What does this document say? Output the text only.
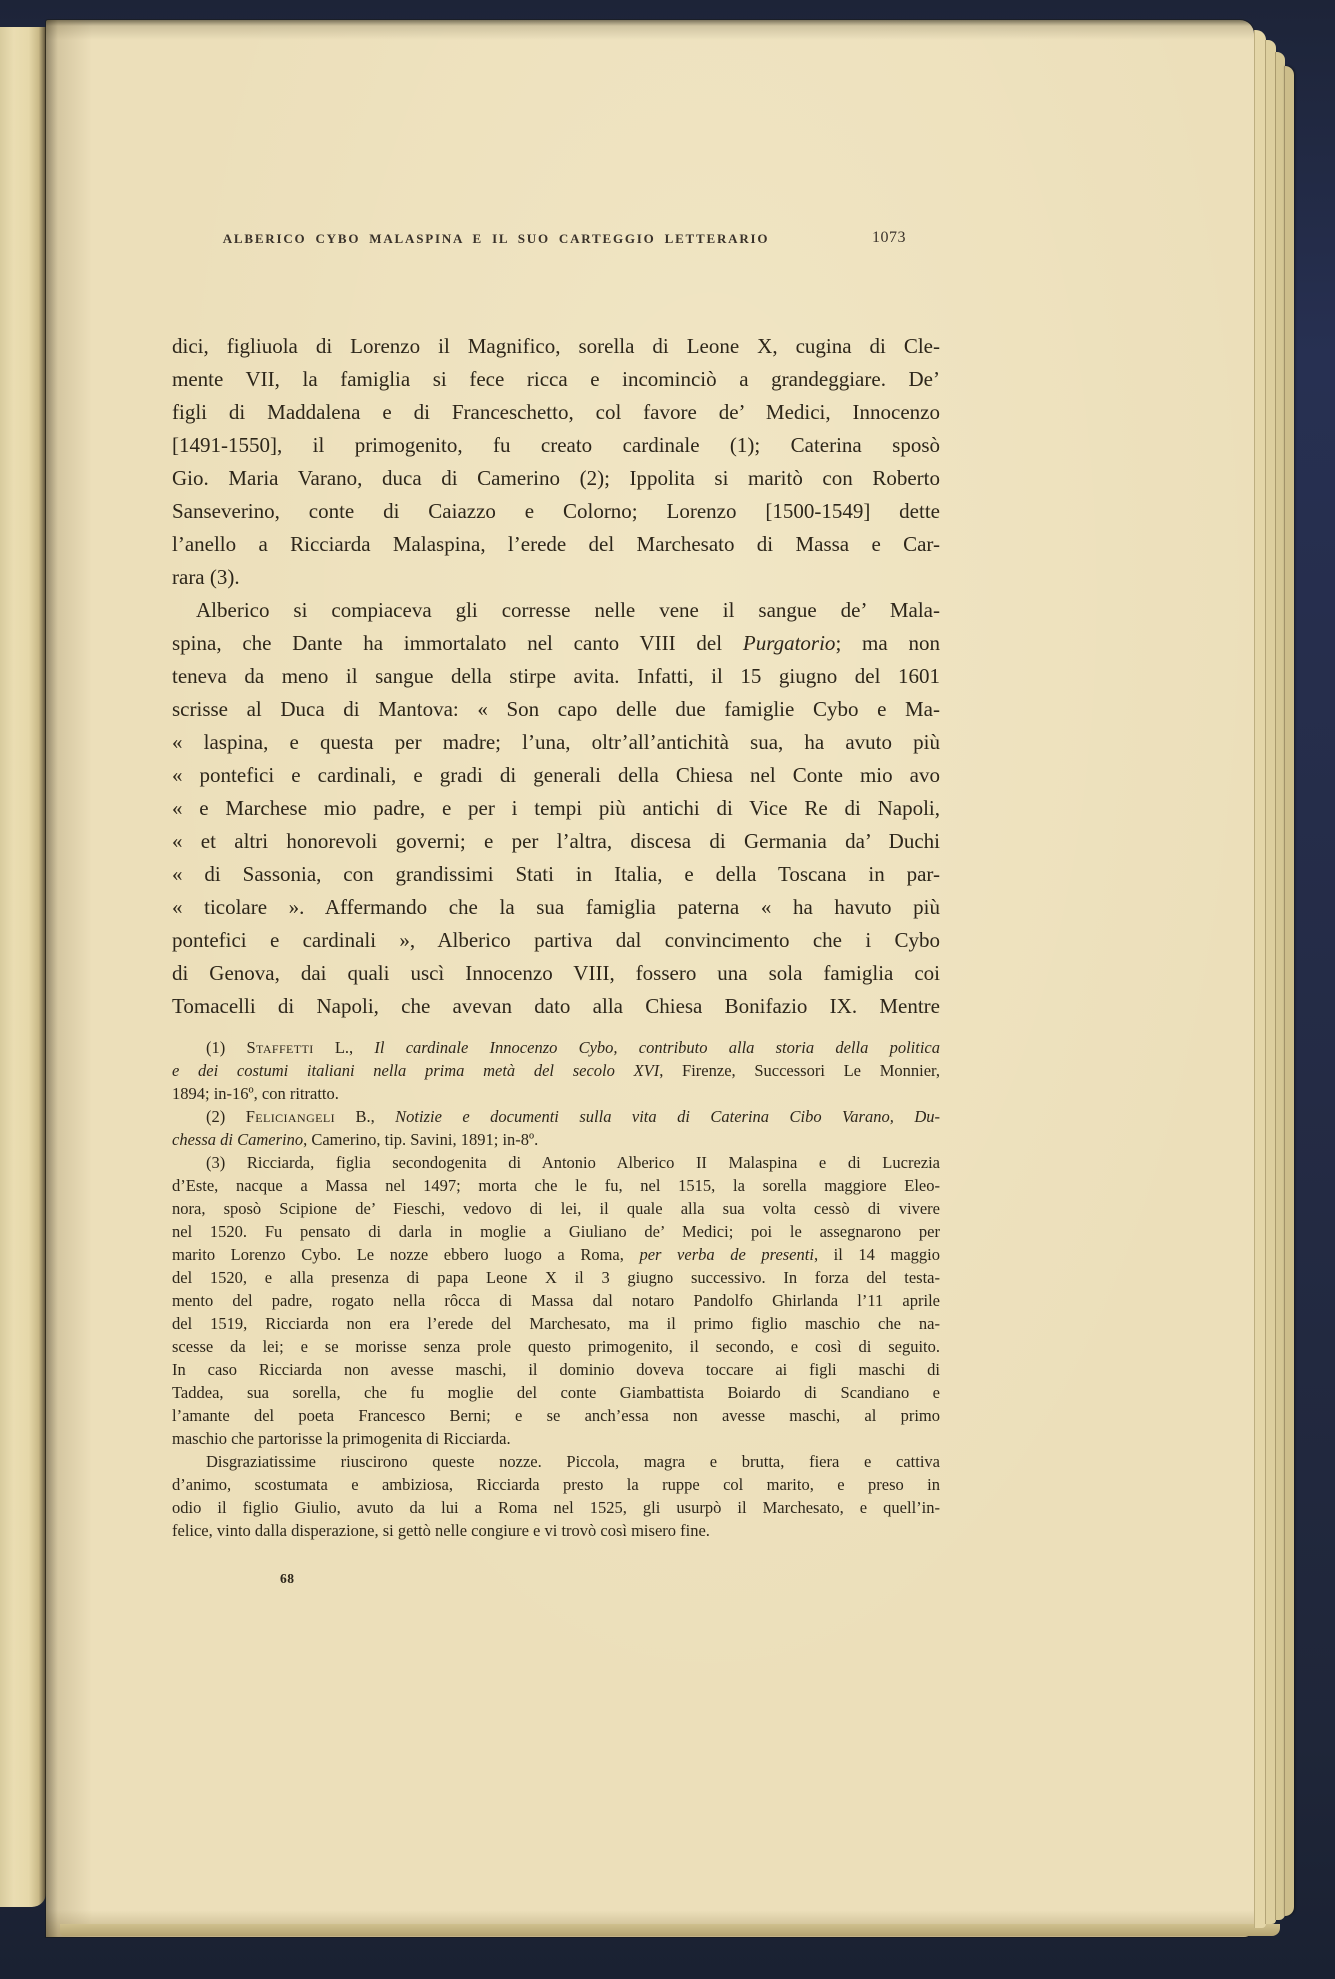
ALBERICO CYBO MALASPINA E IL SUO CARTEGGIO LETTERARIO	1073
dici, figliuola di Lorenzo il Magnifico, sorella di Leone X, cugina di Cle-
mente VII, la famiglia si fece ricca e incominciò a grandeggiare. De’
figli di Maddalena e di Franceschetto, col favore de’ Medici, Innocenzo
[1491-1550], il primogenito, fu creato cardinale (1); Caterina sposò
Gio. Maria Varano, duca di Camerino (2); Ippolita si maritò con Roberto
Sanseverino, conte di Caiazzo e Colorno; Lorenzo [1500-1549] dette
l’anello a Ricciarda Malaspina, l’erede del Marchesato di Massa e Car-
rara (3).
Alberico si compiaceva gli corresse nelle vene il sangue de’ Mala-
spina, che Dante ha immortalato nel canto VIII del Purgatorio; ma non
teneva da meno il sangue della stirpe avita. Infatti, il 15 giugno del 1601
scrisse al Duca di Mantova: « Son capo delle due famiglie Cybo e Ma-
« laspina, e questa per madre; l’una, oltr’all’antichità sua, ha avuto più
« pontefici e cardinali, e gradi di generali della Chiesa nel Conte mio avo
« e Marchese mio padre, e per i tempi più antichi di Vice Re di Napoli,
« et altri honorevoli governi; e per l’altra, discesa di Germania da’ Duchi
« di Sassonia, con grandissimi Stati in Italia, e della Toscana in par-
« ticolare ». Affermando che la sua famiglia paterna « ha havuto più
pontefici e cardinali », Alberico partiva dal convincimento che i Cybo
di Genova, dai quali uscì Innocenzo VIII, fossero una sola famiglia coi
Tomacelli di Napoli, che avevan dato alla Chiesa Bonifazio IX. Mentre
(1) Staffetti L., Il cardinale Innocenzo Cybo, contributo alla storia della politica
e dei costumi italiani nella prima metà del secolo XVI, Firenze, Successori Le Monnier,
1894; in-16º, con ritratto.
(2) Feliciangeli B., Notizie e documenti sulla vita di Caterina Cibo Varano, Du-
chessa di Camerino, Camerino, tip. Savini, 1891; in-8º.
(3) Ricciarda, figlia secondogenita di Antonio Alberico II Malaspina e di Lucrezia
d’Este, nacque a Massa nel 1497; morta che le fu, nel 1515, la sorella maggiore Eleo-
nora, sposò Scipione de’ Fieschi, vedovo di lei, il quale alla sua volta cessò di vivere
nel 1520. Fu pensato di darla in moglie a Giuliano de’ Medici; poi le assegnarono per
marito Lorenzo Cybo. Le nozze ebbero luogo a Roma, per verba de presenti, il 14 maggio
del 1520, e alla presenza di papa Leone X il 3 giugno successivo. In forza del testa-
mento del padre, rogato nella rôcca di Massa dal notaro Pandolfo Ghirlanda l’11 aprile
del 1519, Ricciarda non era l’erede del Marchesato, ma il primo figlio maschio che na-
scesse da lei; e se morisse senza prole questo primogenito, il secondo, e così di seguito.
In caso Ricciarda non avesse maschi, il dominio doveva toccare ai figli maschi di
Taddea, sua sorella, che fu moglie del conte Giambattista Boiardo di Scandiano e
l’amante del poeta Francesco Berni; e se anch’essa non avesse maschi, al primo
maschio che partorisse la primogenita di Ricciarda.
Disgraziatissime riuscirono queste nozze. Piccola, magra e brutta, fiera e cattiva
d’animo, scostumata e ambiziosa, Ricciarda presto la ruppe col marito, e preso in
odio il figlio Giulio, avuto da lui a Roma nel 1525, gli usurpò il Marchesato, e quell’in-
felice, vinto dalla disperazione, si gettò nelle congiure e vi trovò così misero fine.
68
